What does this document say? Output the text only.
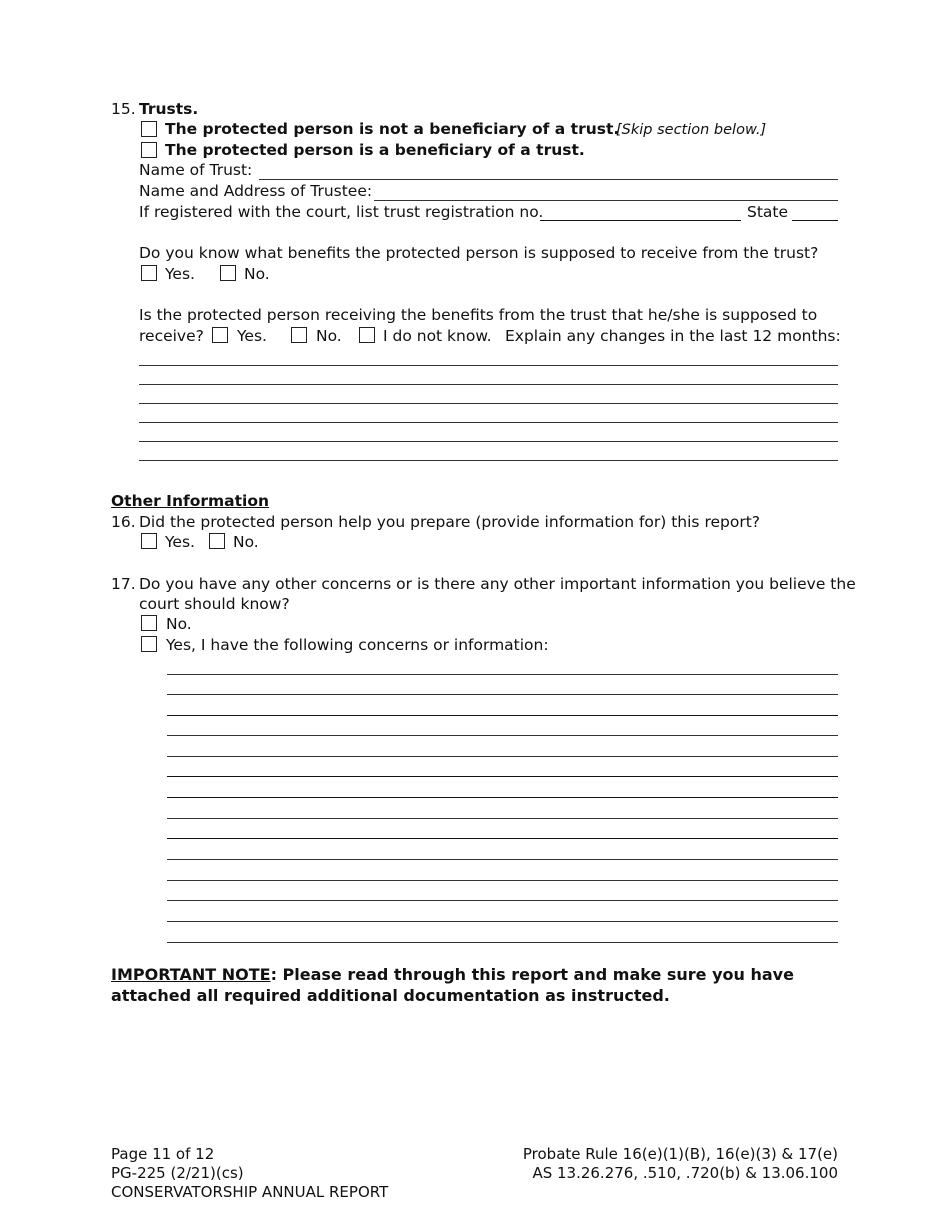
15. Trusts.
The protected person is not a beneficiary of a trust.
[Skip section below.]
The protected person is a beneficiary of a trust.
Name of Trust:
Name and Address of Trustee:
If registered with the court, list trust registration no.	State
Do you know what benefits the protected person is supposed to receive from the trust?
Yes.	No.
Is the protected person receiving the benefits from the trust that he/she is supposed to
receive? Yes.	No.	I do not know. Explain any changes in the last 12 months:
Other Information
16. Did the protected person help you prepare (provide information for) this report?
Yes. No.
17. Do you have any other concerns or is there any other important information you believe the
court should know?
No.
Yes, I have the following concerns or information:
IMPORTANT NOTE: Please read through this report and make sure you have
attached all required additional documentation as instructed.
Page 11 of 12
PG-225 (2/21)(cs)
CONSERVATORSHIP ANNUAL REPORT
Probate Rule 16(e)(1)(B), 16(e)(3) & 17(e)
AS 13.26.276, .510, .720(b) & 13.06.100
